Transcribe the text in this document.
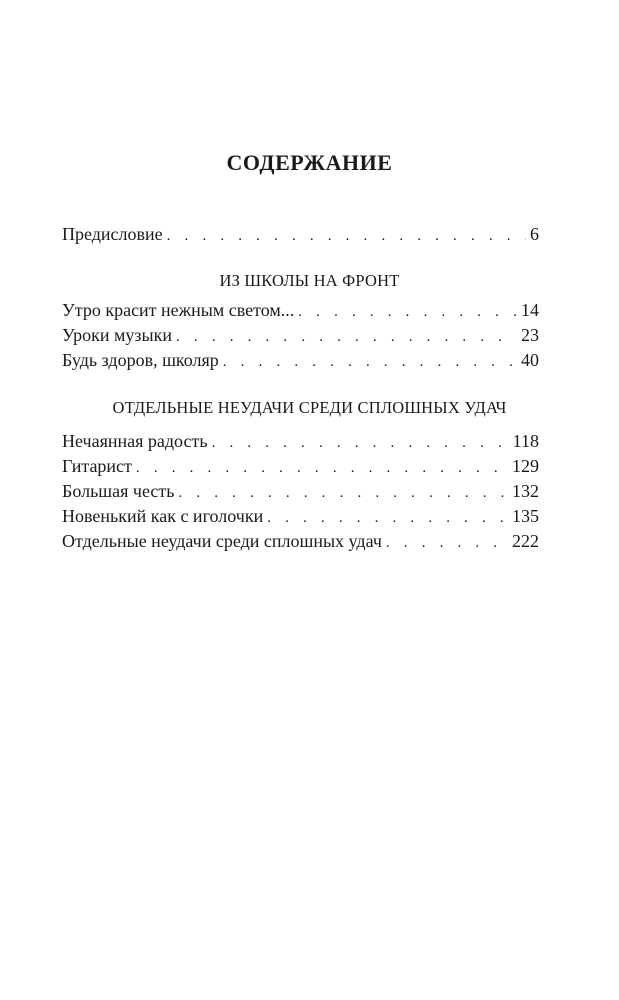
СОДЕРЖАНИЕ
Предисловие . . .	6
ИЗ ШКОЛЫ НА ФРОНТ
Утро красит нежным светом... . . .	14
Уроки музыки . . .	23
Будь здоров, школяр . . .	40
ОТДЕЛЬНЫЕ НЕУДАЧИ СРЕДИ СПЛОШНЫХ УДАЧ
Нечаянная радость . . .	118
Гитарист . . .	129
Большая честь . . .	132
Новенький как с иголочки . . .	135
Отдельные неудачи среди сплошных удач . . .	222
